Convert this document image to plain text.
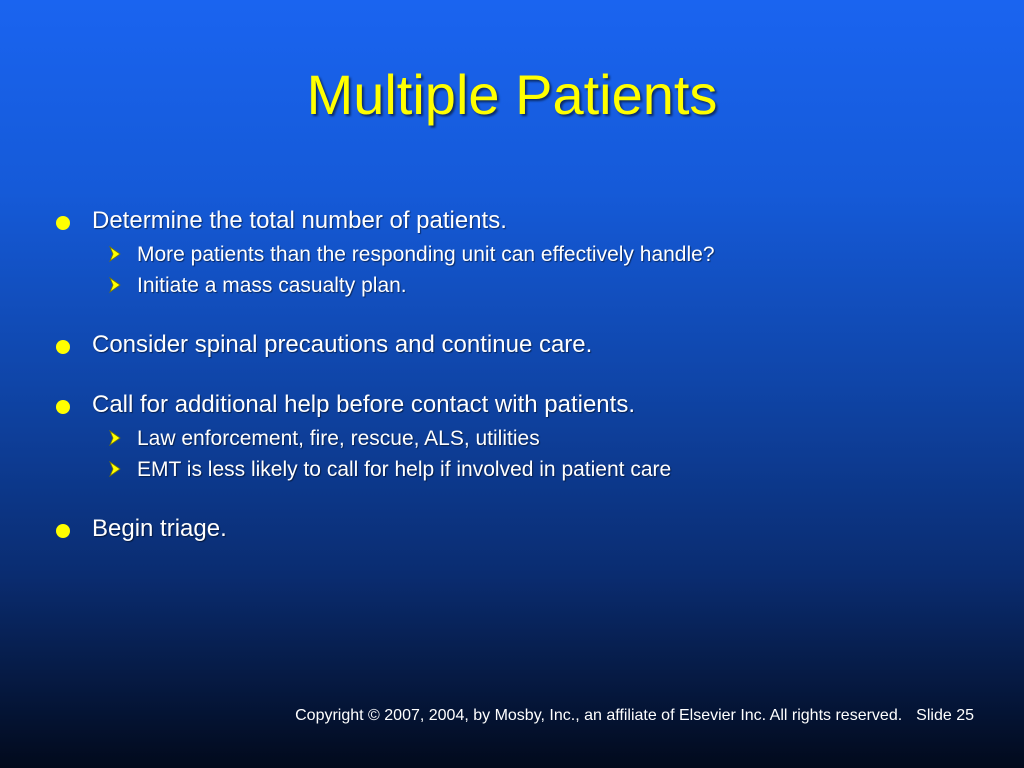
Multiple Patients
Determine the total number of patients.
More patients than the responding unit can effectively handle?
Initiate a mass casualty plan.
Consider spinal precautions and continue care.
Call for additional help before contact with patients.
Law enforcement, fire, rescue, ALS, utilities
EMT is less likely to call for help if involved in patient care
Begin triage.
Copyright © 2007, 2004, by Mosby, Inc., an affiliate of Elsevier Inc. All rights reserved. Slide 25
